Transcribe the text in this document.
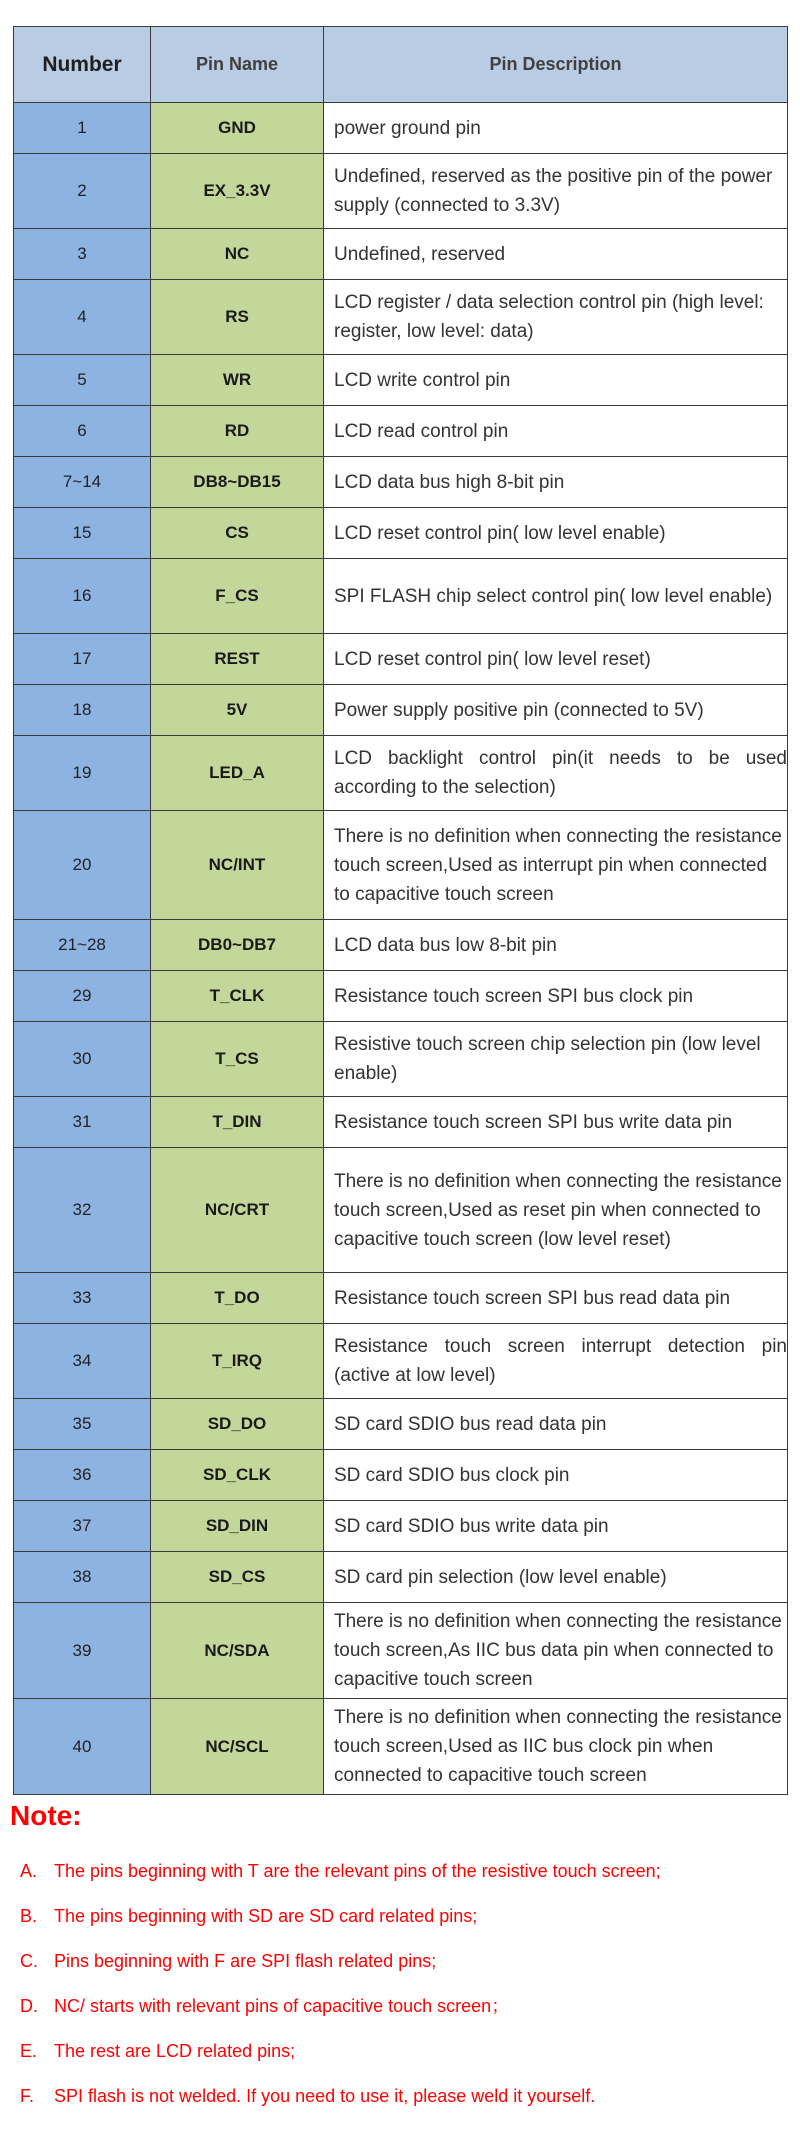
Number	Pin Name	Pin Description
1	GND	power ground pin
2	EX_3.3V	Undefined, reserved as the positive pin of the power supply (connected to 3.3V)
3	NC	Undefined, reserved
4	RS	LCD register / data selection control pin (high level: register, low level: data)
5	WR	LCD write control pin
6	RD	LCD read control pin
7~14	DB8~DB15	LCD data bus high 8-bit pin
15	CS	LCD reset control pin( low level enable)
16	F_CS	SPI FLASH chip select control pin( low level enable)
17	REST	LCD reset control pin( low level reset)
18	5V	Power supply positive pin (connected to 5V)
19	LED_A	LCD backlight control pin(it needs to be used according to the selection)
20	NC/INT	There is no definition when connecting the resistance touch screen,Used as interrupt pin when connected to capacitive touch screen
21~28	DB0~DB7	LCD data bus low 8-bit pin
29	T_CLK	Resistance touch screen SPI bus clock pin
30	T_CS	Resistive touch screen chip selection pin (low level enable)
31	T_DIN	Resistance touch screen SPI bus write data pin
32	NC/CRT	There is no definition when connecting the resistance touch screen,Used as reset pin when connected to capacitive touch screen (low level reset)
33	T_DO	Resistance touch screen SPI bus read data pin
34	T_IRQ	Resistance touch screen interrupt detection pin (active at low level)
35	SD_DO	SD card SDIO bus read data pin
36	SD_CLK	SD card SDIO bus clock pin
37	SD_DIN	SD card SDIO bus write data pin
38	SD_CS	SD card pin selection (low level enable)
39	NC/SDA	There is no definition when connecting the resistance touch screen,As IIC bus data pin when connected to capacitive touch screen
40	NC/SCL	There is no definition when connecting the resistance touch screen,Used as IIC bus clock pin when connected to capacitive touch screen
Note:
A. The pins beginning with T are the relevant pins of the resistive touch screen;
B. The pins beginning with SD are SD card related pins;
C. Pins beginning with F are SPI flash related pins;
D. NC/ starts with relevant pins of capacitive touch screen；
E. The rest are LCD related pins;
F.	SPI flash is not welded. If you need to use it, please weld it yourself.
